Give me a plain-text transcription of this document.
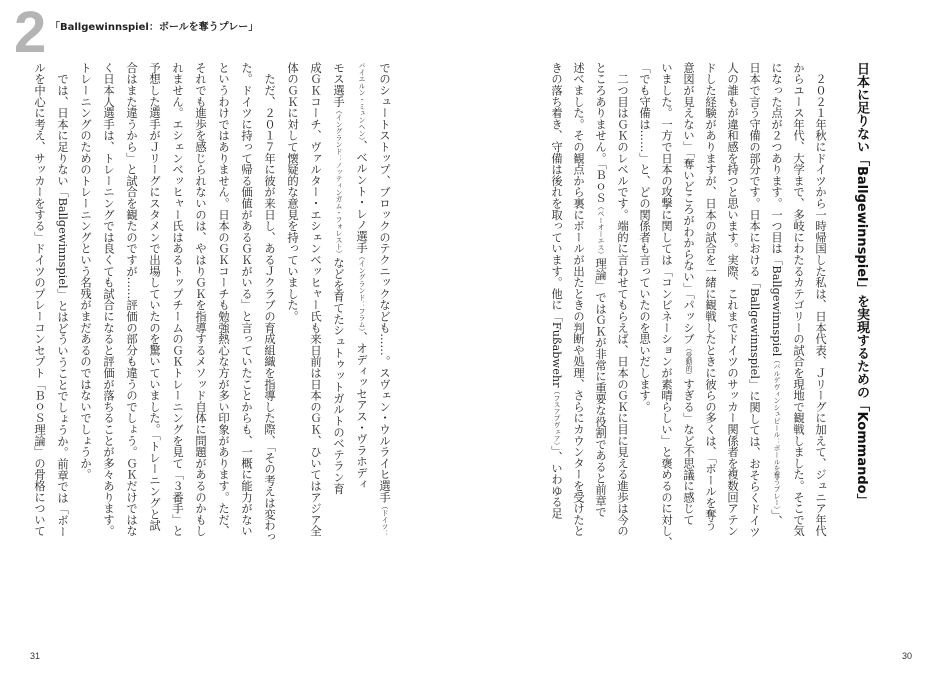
2 「Ballgewinnspiel：ボールを奪うプレー」

でのシュートストップ、ブロックのテクニックなども……。スヴェン・ウルライヒ選手（ドイツ：

バイエルン・ミュンヘン）、ベルント・レノ選手（イングランド：フラム）、オディッセアス・ヴラホディ

モス選手（イングランド：ノッティンガム・フォレスト）などを育てたシュトゥットガルトのベテラン育

成ＧＫコーチ、ヴァルター・エシェンベッヒャー氏も来日前は日本のＧＫ、ひいてはアジア全

体のＧＫに対して懐疑的な意見を持っていました。

　ただ、２０１７年に彼が来日し、あるＪクラブの育成組織を指導した際、「その考えは変わっ

た。ドイツに持って帰る価値があるＧＫがいる」と言っていたことからも、一概に能力がない

というわけではありません。日本のＧＫコーチも勉強熱心な方が多い印象があります。ただ、

それでも進歩を感じられないのは、やはりＧＫを指導するメソッド自体に問題があるのかもし

れません。エシェンベッヒャー氏はあるトップチームのＧＫトレーニングを見て「３番手」と

予想した選手がＪリーグにスタメンで出場していたのを驚いていました。「トレーニングと試

合はまた違うから」と試合を観たのですが……評価の部分も違うのでしょう。ＧＫだけではな

く日本人選手は、トレーニングでは良くても試合になると評価が落ちることが多々あります。

トレーニングのためのトレーニングという名残がまだあるのではないでしょうか。

　では、日本に足りない「Ballgewinnspiel」とはどういうことでしょうか。前章では「ボー

ルを中心に考え、サッカーをする」ドイツのプレーコンセプト「ＢｏＳ理論」の骨格について

31
日本に足りない「Ballgewinnspiel」を実現するための「Kommando」

　２０２１年秋にドイツから一時帰国した私は、日本代表、Ｊリーグに加えて、ジュニア年代

からユース年代、大学まで、多岐にわたるカテゴリーの試合を現地で観戦しました。そこで気

になった点が２つあります。一つ目は「Ballgewinnspiel（バルゲヴィンシュピール：ボールを奪うプレー）」、

日本で言う守備の部分です。日本における「Ballgewinnspiel」に関しては、おそらくドイツ

人の誰もが違和感を持つと思います。実際、これまでドイツのサッカー関係者を複数回アテン

ドした経験がありますが、日本の試合を一緒に観戦したときに彼らの多くは、「ボールを奪う

意図が見えない」「奪いどころがわからない」「パッシブ（受動的）すぎる」など不思議に感じて

いました。一方で日本の攻撃に関しては「コンビネーションが素晴らしい」と褒めるのに対し、

「でも守備は……」と、どの関係者も言っていたのを思いだします。

　二つ目はＧＫのレベルです。端的に言わせてもらえば、日本のＧＫに目に見える進歩は今の

ところありません。「ＢｏＳ（ベーオーエス）理論」ではＧＫが非常に重要な役割であると前章で

述べました。その観点から裏にボールが出たときの判断や処理、さらにカウンターを受けたと

きの落ち着き、守備は後れを取っています。他に「Fußabwehr（フスアプヴェア）」、いわゆる足

30
